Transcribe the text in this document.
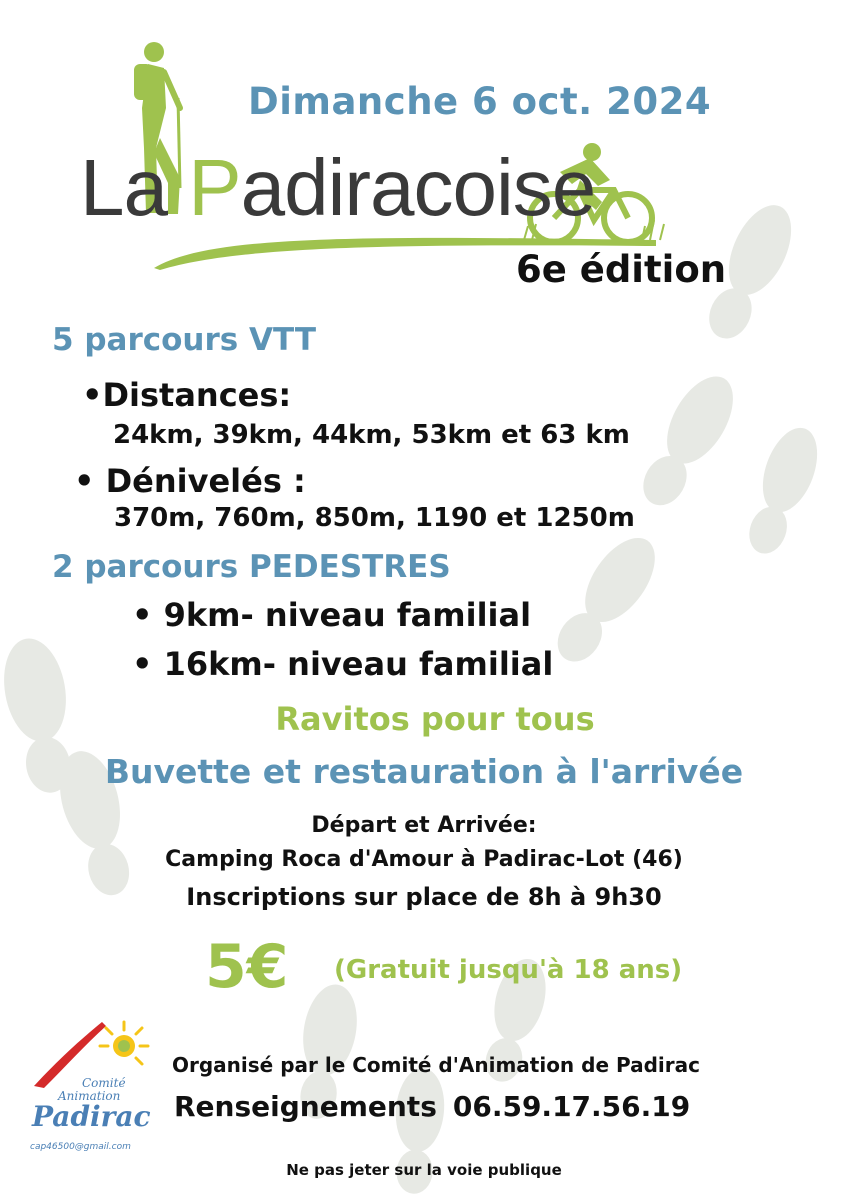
Dimanche 6 oct. 2024
La Padiracoise
6e édition
5 parcours VTT
•Distances:
24km, 39km, 44km, 53km et 63 km
• Dénivelés :
370m, 760m, 850m, 1190 et 1250m
2 parcours PEDESTRES
• 9km- niveau familial
• 16km- niveau familial
Ravitos pour tous
Buvette et restauration à l'arrivée
Départ et Arrivée:
Camping Roca d'Amour à Padirac-Lot (46)
Inscriptions sur place de 8h à 9h30
5€ (Gratuit jusqu'à 18 ans)
Comité
Animation
Padirac
cap46500@gmail.com
Organisé par le Comité d'Animation de Padirac
Renseignements 06.59.17.56.19
Ne pas jeter sur la voie publique
